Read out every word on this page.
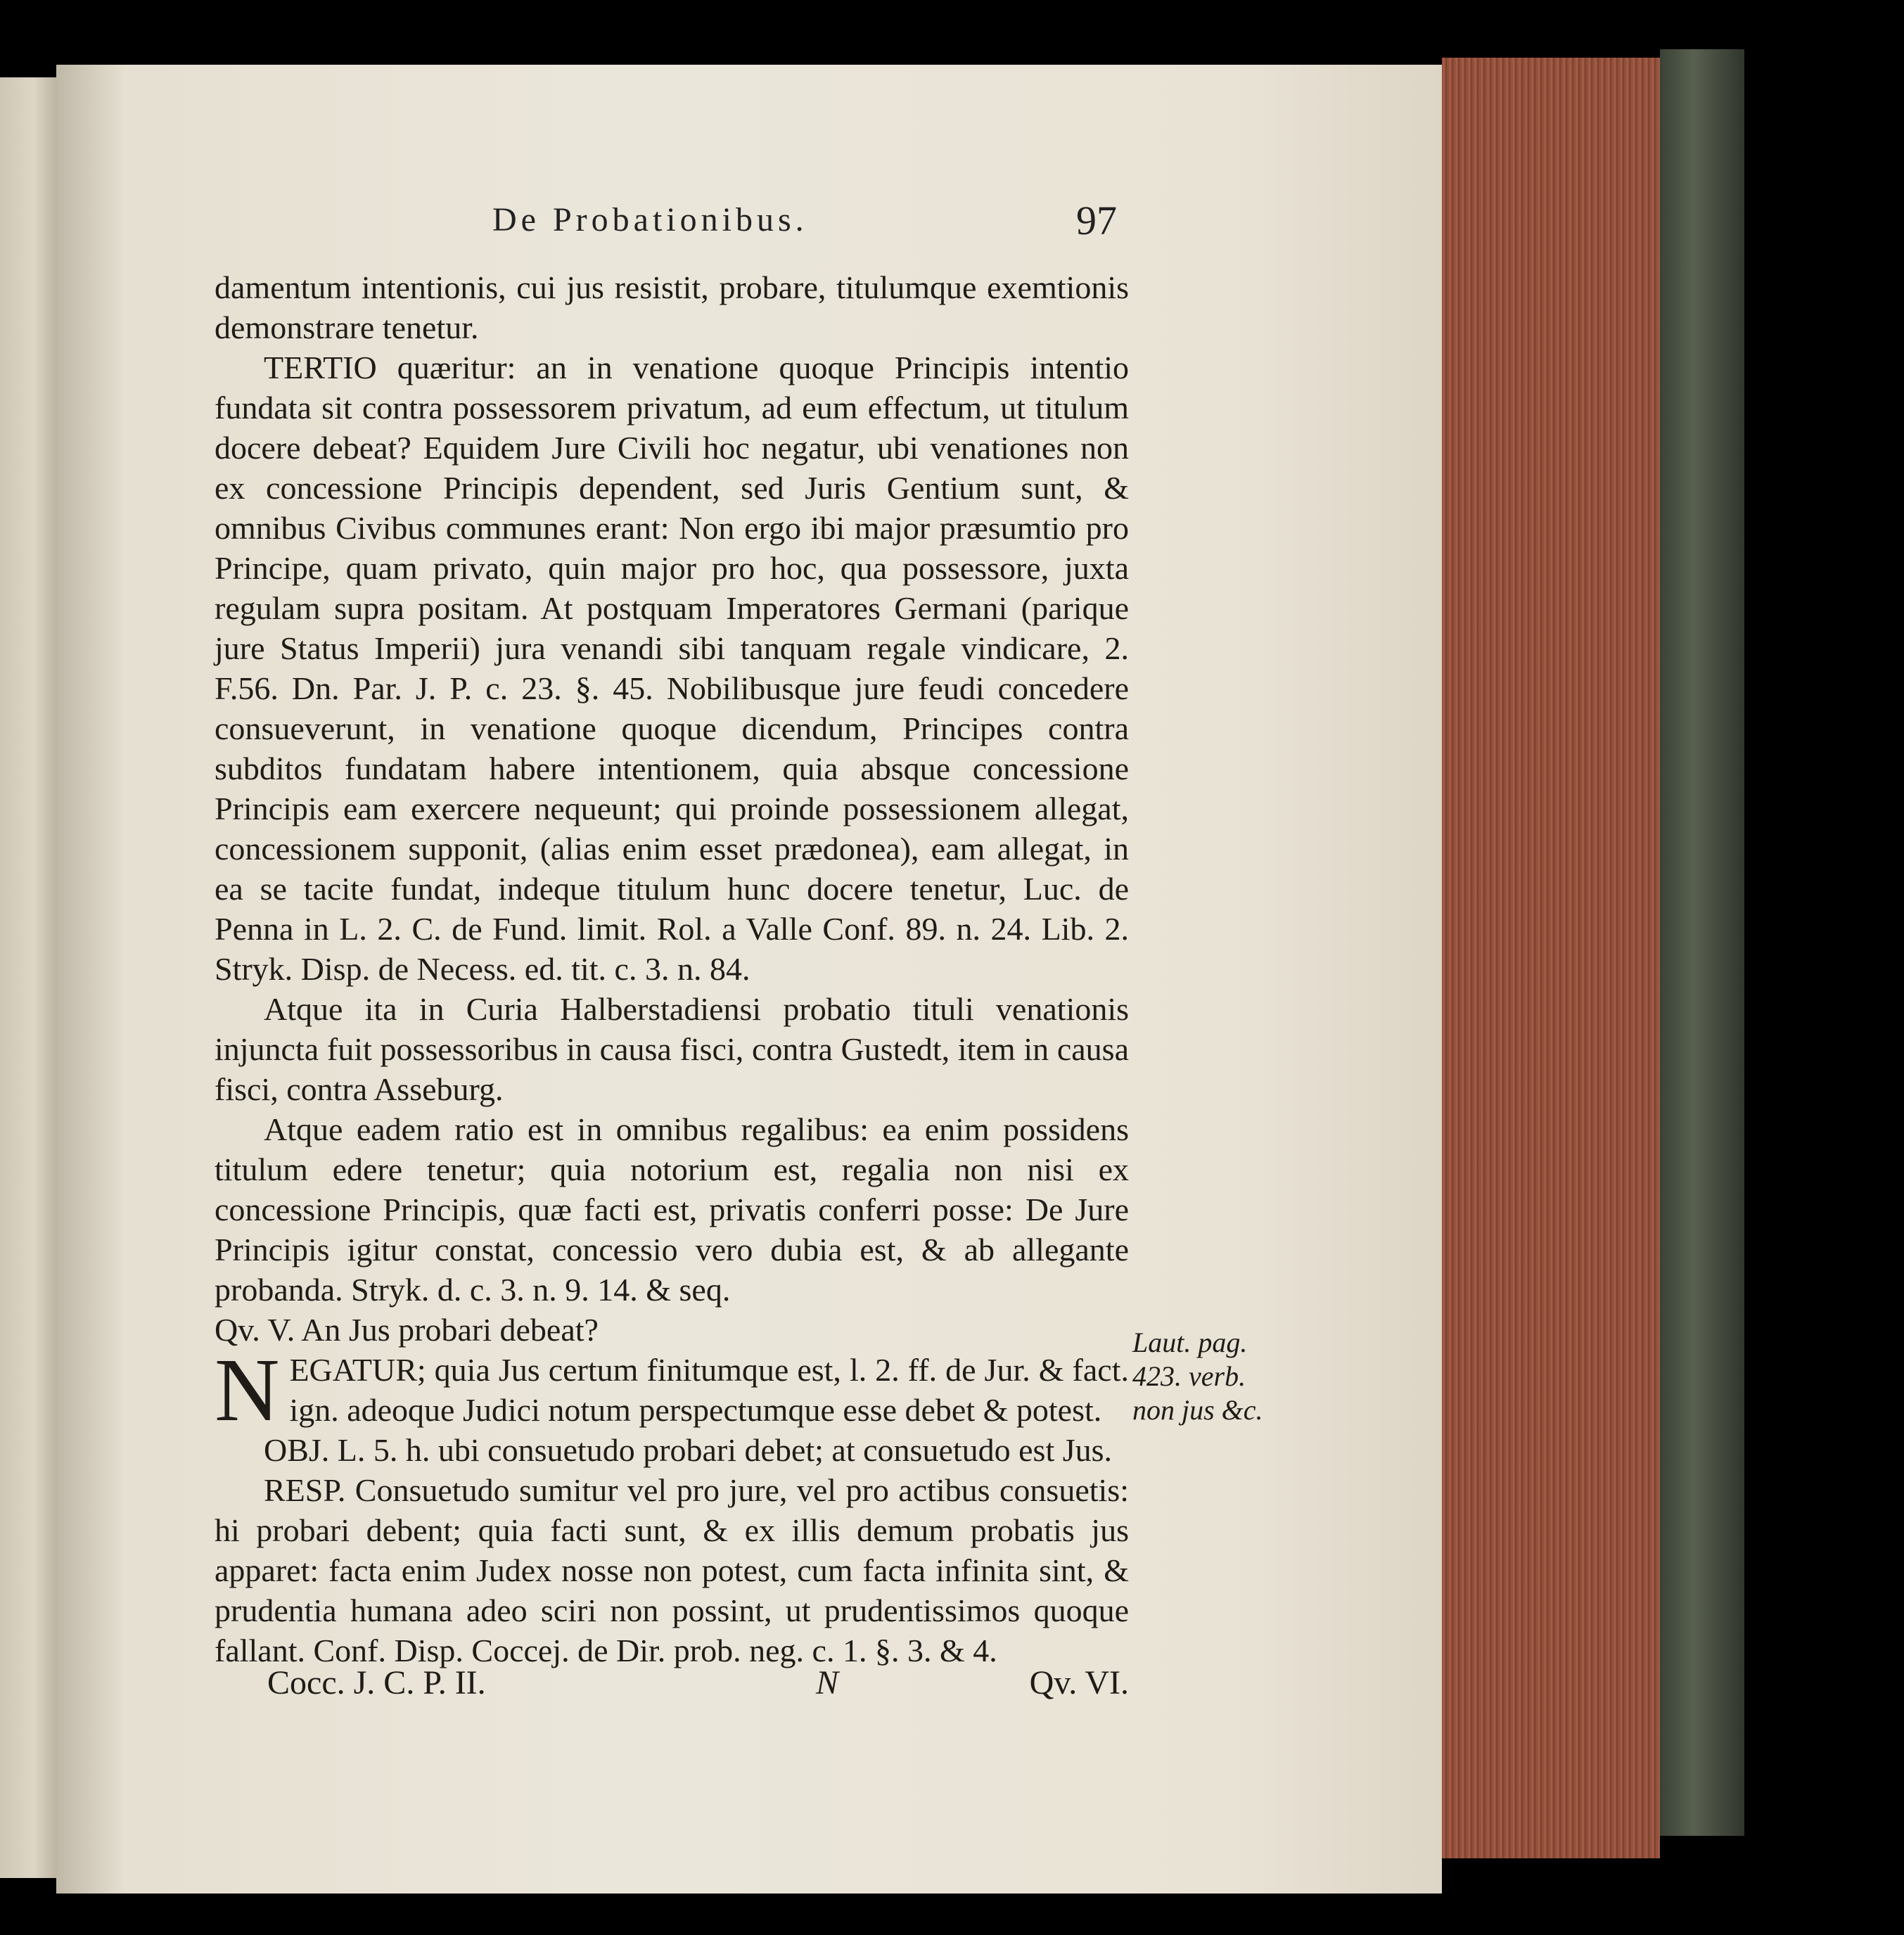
De Probationibus.	97

damentum intentionis, cui jus resistit, probare, titulumque exemtionis demonstrare tenetur.

TERTIO quæritur: an in venatione quoque Principis intentio fundata sit contra possessorem privatum, ad eum effectum, ut titulum docere debeat? Equidem Jure Civili hoc negatur, ubi venationes non ex concessione Principis dependent, sed Juris Gentium sunt, & omnibus Civibus communes erant: Non ergo ibi major præsumtio pro Principe, quam privato, quin major pro hoc, qua possessore, juxta regulam supra positam. At postquam Imperatores Germani (parique jure Status Imperii) jura venandi sibi tanquam regale vindicare, 2. F.56. Dn. Par. J. P. c. 23. §. 45. Nobilibusque jure feudi concedere consueverunt, in venatione quoque dicendum, Principes contra subditos fundatam habere intentionem, quia absque concessione Principis eam exercere nequeunt; qui proinde possessionem allegat, concessionem supponit, (alias enim esset prædonea), eam allegat, in ea se tacite fundat, indeque titulum hunc docere tenetur, Luc. de Penna in L. 2. C. de Fund. limit. Rol. a Valle Conf. 89. n. 24. Lib. 2. Stryk. Disp. de Necess. ed. tit. c. 3. n. 84.

Atque ita in Curia Halberstadiensi probatio tituli venationis injuncta fuit possessoribus in causa fisci, contra Gustedt, item in causa fisci, contra Asseburg.

Atque eadem ratio est in omnibus regalibus: ea enim possidens titulum edere tenetur; quia notorium est, regalia non nisi ex concessione Principis, quæ facti est, privatis conferri posse: De Jure Principis igitur constat, concessio vero dubia est, & ab allegante probanda. Stryk. d. c. 3. n. 9. 14. & seq.

Qv. V. An Jus probari debeat?

N EGATUR; quia Jus certum finitumque est, l. 2. ff. de Jur. & fact. ign. adeoque Judici notum perspectumque esse debet & potest.

OBJ. L. 5. h. ubi consuetudo probari debet; at consuetudo est Jus.

RESP. Consuetudo sumitur vel pro jure, vel pro actibus consuetis: hi probari debent; quia facti sunt, & ex illis demum probatis jus apparet: facta enim Judex nosse non potest, cum facta infinita sint, & prudentia humana adeo sciri non possint, ut prudentissimos quoque fallant. Conf. Disp. Coccej. de Dir. prob. neg. c. 1. §. 3. & 4.

Laut. pag. 423. verb. non jus &c.
Cocc. J. C. P. II.	N	Qv. VI.
